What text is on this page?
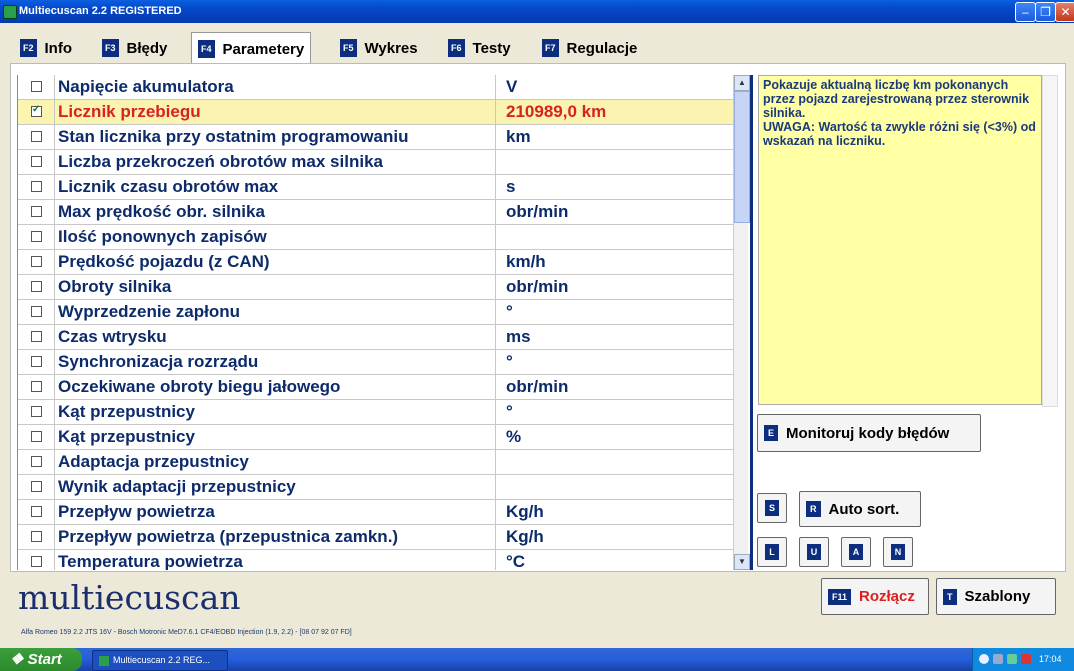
Multiecuscan 2.2 REGISTERED	– ❐ ✕
F2 Info	F3 Błędy	F4 Parametery	F5 Wykres	F6 Testy	F7 Regulacje
Napięcie akumulatora	V
✓
Licznik przebiegu	210989,0 km
Stan licznika przy ostatnim programowaniu	km
Liczba przekroczeń obrotów max silnika
Licznik czasu obrotów max	s
Max prędkość obr. silnika	obr/min
Ilość ponownych zapisów
Prędkość pojazdu (z CAN)	km/h
Obroty silnika	obr/min
Wyprzedzenie zapłonu	°
Czas wtrysku	ms
Synchronizacja rozrządu	°
Oczekiwane obroty biegu jałowego	obr/min
Kąt przepustnicy	°
Kąt przepustnicy	%
Adaptacja przepustnicy
Wynik adaptacji przepustnicy
Przepływ powietrza	Kg/h
Przepływ powietrza (przepustnica zamkn.)	Kg/h
Temperatura powietrza	°C
▲
▼
Pokazuje aktualną liczbę km pokonanych przez pojazd zarejestrowaną przez sterownik silnika.
UWAGA: Wartość ta zwykle różni się (<3%) od wskazań na liczniku.
E Monitoruj kody błędów
S	R Auto sort.
L	U	A	N
F11 Rozłącz	T Szablony
multiecuscan
Alfa Romeo 159 2.2 JTS 16V - Bosch Motronic MeD7.6.1 CF4/EOBD Injection (1.9, 2.2) - [08 07 92 07 FD]
❖ Start	Multiecuscan 2.2 REG...	17:04
